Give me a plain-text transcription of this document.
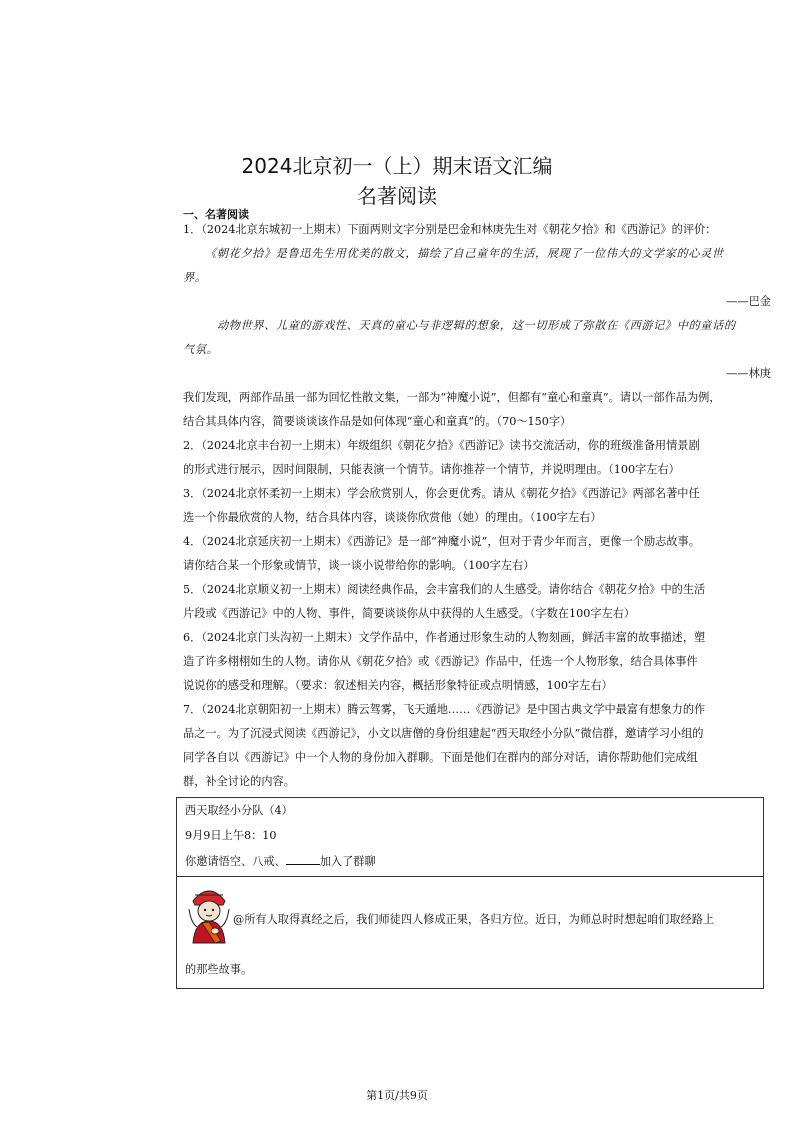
2024北京初一（上）期末语文汇编
名著阅读
一、名著阅读
1．（2024北京东城初一上期末）下面两则文字分别是巴金和林庚先生对《朝花夕拾》和《西游记》的评价：
《朝花夕拾》是鲁迅先生用优美的散文，描绘了自己童年的生活，展现了一位伟大的文学家的心灵世
界。
——巴金
动物世界、儿童的游戏性、天真的童心与非逻辑的想象，这一切形成了弥散在《西游记》中的童话的
气氛。
——林庚
我们发现，两部作品虽一部为回忆性散文集，一部为“神魔小说”，但都有“童心和童真”。请以一部作品为例，
结合其具体内容，简要谈谈该作品是如何体现“童心和童真”的。（70〜150字）
2．（2024北京丰台初一上期末）年级组织《朝花夕拾》《西游记》读书交流活动，你的班级准备用情景剧
的形式进行展示，因时间限制，只能表演一个情节。请你推荐一个情节，并说明理由。（100字左右）
3．（2024北京怀柔初一上期末）学会欣赏别人，你会更优秀。请从《朝花夕拾》《西游记》两部名著中任
选一个你最欣赏的人物，结合具体内容，谈谈你欣赏他（她）的理由。（100字左右）
4．（2024北京延庆初一上期末）《西游记》是一部“神魔小说”，但对于青少年而言，更像一个励志故事。
请你结合某一个形象或情节，谈一谈小说带给你的影响。（100字左右）
5．（2024北京顺义初一上期末）阅读经典作品，会丰富我们的人生感受。请你结合《朝花夕拾》中的生活
片段或《西游记》中的人物、事件，简要谈谈你从中获得的人生感受。（字数在100字左右）
6．（2024北京门头沟初一上期末）文学作品中，作者通过形象生动的人物刻画，鲜活丰富的故事描述，塑
造了许多栩栩如生的人物。请你从《朝花夕拾》或《西游记》作品中，任选一个人物形象，结合具体事件
说说你的感受和理解。（要求：叙述相关内容，概括形象特征或点明情感，100字左右）
7．（2024北京朝阳初一上期末）腾云驾雾，飞天遁地……《西游记》是中国古典文学中最富有想象力的作
品之一。为了沉浸式阅读《西游记》，小文以唐僧的身份组建起“西天取经小分队”微信群，邀请学习小组的
同学各自以《西游记》中一个人物的身份加入群聊。下面是他们在群内的部分对话，请你帮助他们完成组
群，补全讨论的内容。
西天取经小分队（4）
9月9日上午8：10
你邀请悟空、八戒、	加入了群聊
@所有人取得真经之后，我们师徒四人修成正果，各归方位。近日，为师总时时想起咱们取经路上
的那些故事。
第1页/共9页
